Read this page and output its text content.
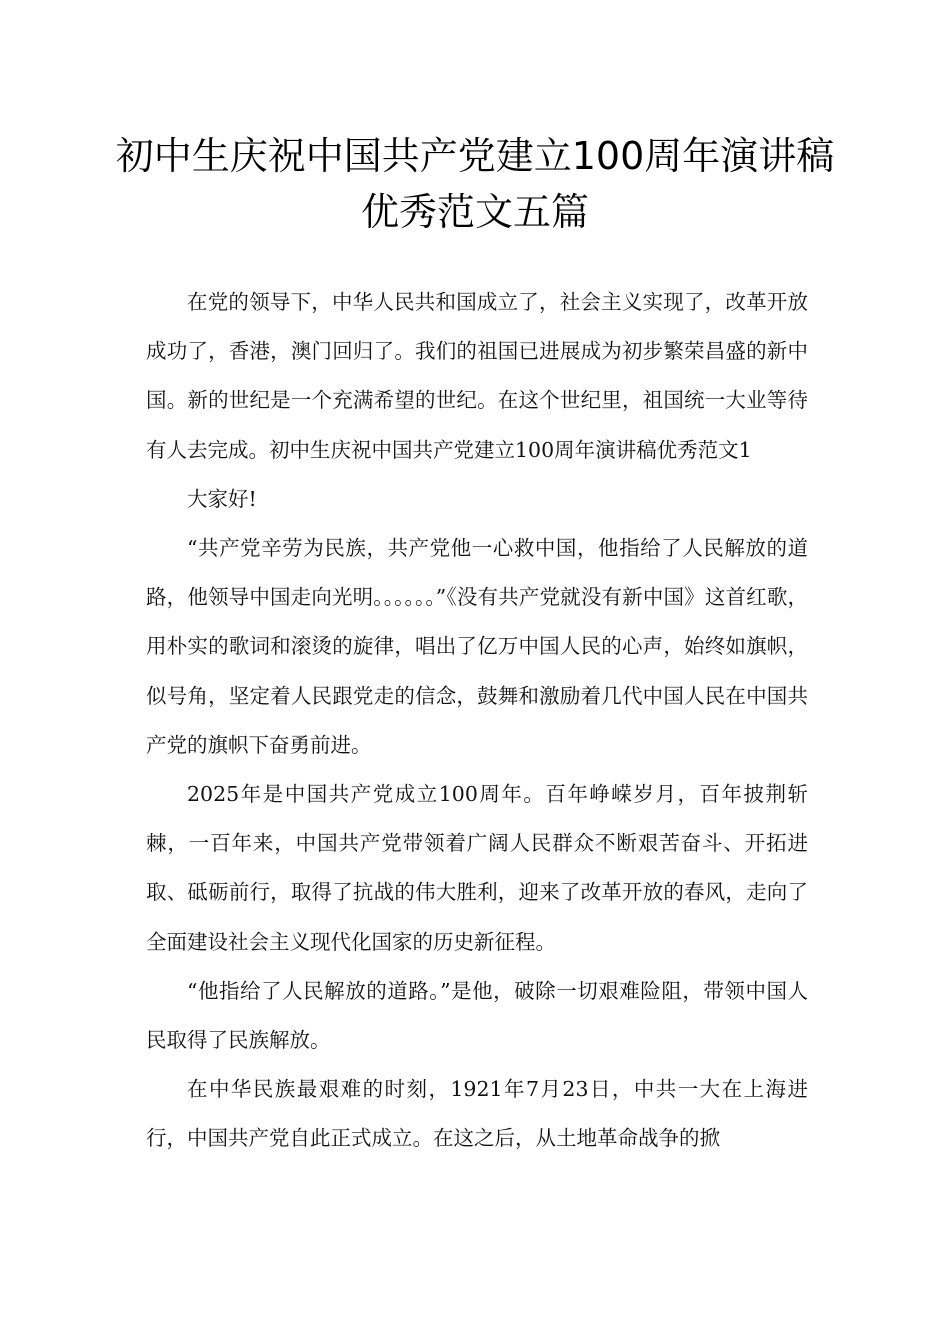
初中生庆祝中国共产党建立100周年演讲稿优秀范文五篇

在党的领导下，中华人民共和国成立了，社会主义实现了，改革开放成功了，香港，澳门回归了。我们的祖国已进展成为初步繁荣昌盛的新中国。新的世纪是一个充满希望的世纪。在这个世纪里，祖国统一大业等待有人去完成。初中生庆祝中国共产党建立100周年演讲稿优秀范文1

大家好!

“共产党辛劳为民族，共产党他一心救中国，他指给了人民解放的道路，他领导中国走向光明。。。。。。”《没有共产党就没有新中国》这首红歌，用朴实的歌词和滚烫的旋律，唱出了亿万中国人民的心声，始终如旗帜，似号角，坚定着人民跟党走的信念，鼓舞和激励着几代中国人民在中国共产党的旗帜下奋勇前进。

2025年是中国共产党成立100周年。百年峥嵘岁月，百年披荆斩棘，一百年来，中国共产党带领着广阔人民群众不断艰苦奋斗、开拓进取、砥砺前行，取得了抗战的伟大胜利，迎来了改革开放的春风，走向了全面建设社会主义现代化国家的历史新征程。

“他指给了人民解放的道路。”是他，破除一切艰难险阻，带领中国人民取得了民族解放。

在中华民族最艰难的时刻，1921年7月23日，中共一大在上海进行，中国共产党自此正式成立。在这之后，从土地革命战争的掀
